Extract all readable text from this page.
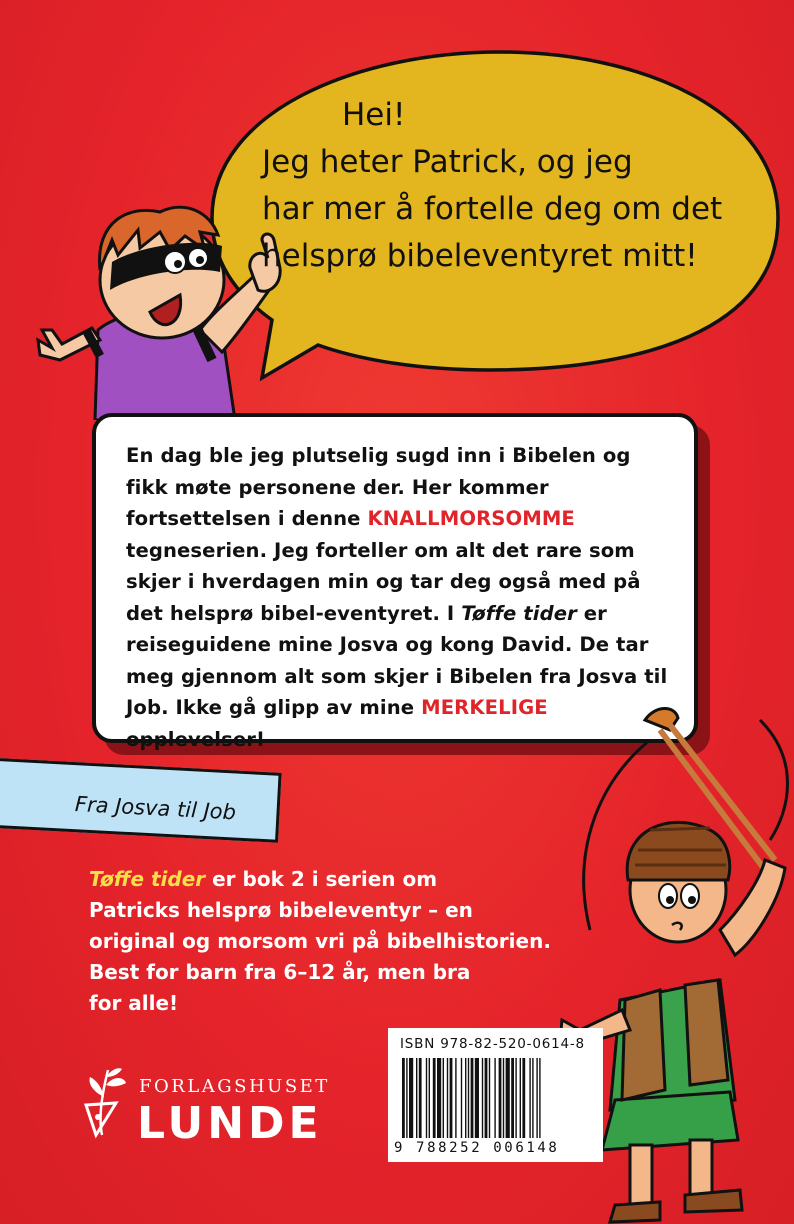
Hei!
Jeg heter Patrick, og jeg
har mer å fortelle deg om det
helsprø bibeleventyret mitt!

En dag ble jeg plutselig sugd inn i Bibelen og fikk møte personene der. Her kommer fortsettelsen i denne KNALLMORSOMME tegneserien. Jeg forteller om alt det rare som skjer i hverdagen min og tar deg også med på det helsprø bibel-eventyret. I Tøffe tider er reiseguidene mine Josva og kong David. De tar meg gjennom alt som skjer i Bibelen fra Josva til Job. Ikke gå glipp av mine MERKELIGE opplevelser!

Fra Josva til Job
Tøffe tider er bok 2 i serien om
Patricks helsprø bibeleventyr – en
original og morsom vri på bibelhistorien.
Best for barn fra 6–12 år, men bra
for alle!
FORLAGSHUSET
LUNDE
ISBN 978-82-520-0614-8
9 788252 006148
